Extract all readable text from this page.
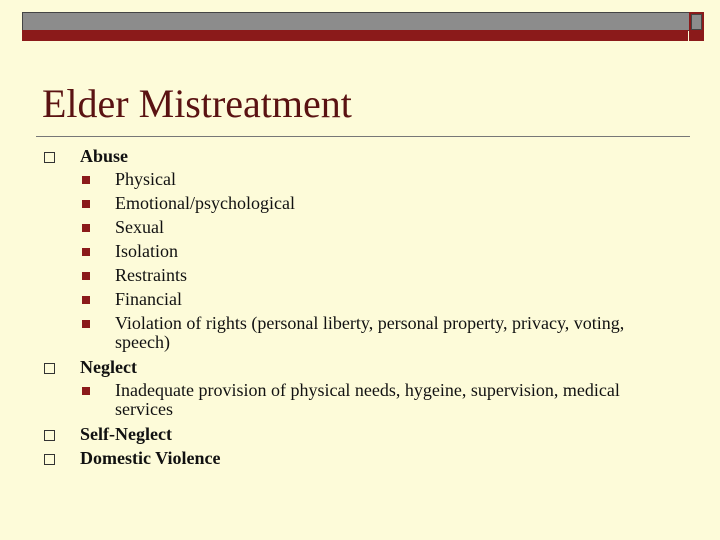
Elder Mistreatment
Abuse
Physical
Emotional/psychological
Sexual
Isolation
Restraints
Financial
Violation of rights (personal liberty, personal property, privacy, voting, speech)
Neglect
Inadequate provision of physical needs, hygeine, supervision, medical services
Self-Neglect
Domestic Violence
